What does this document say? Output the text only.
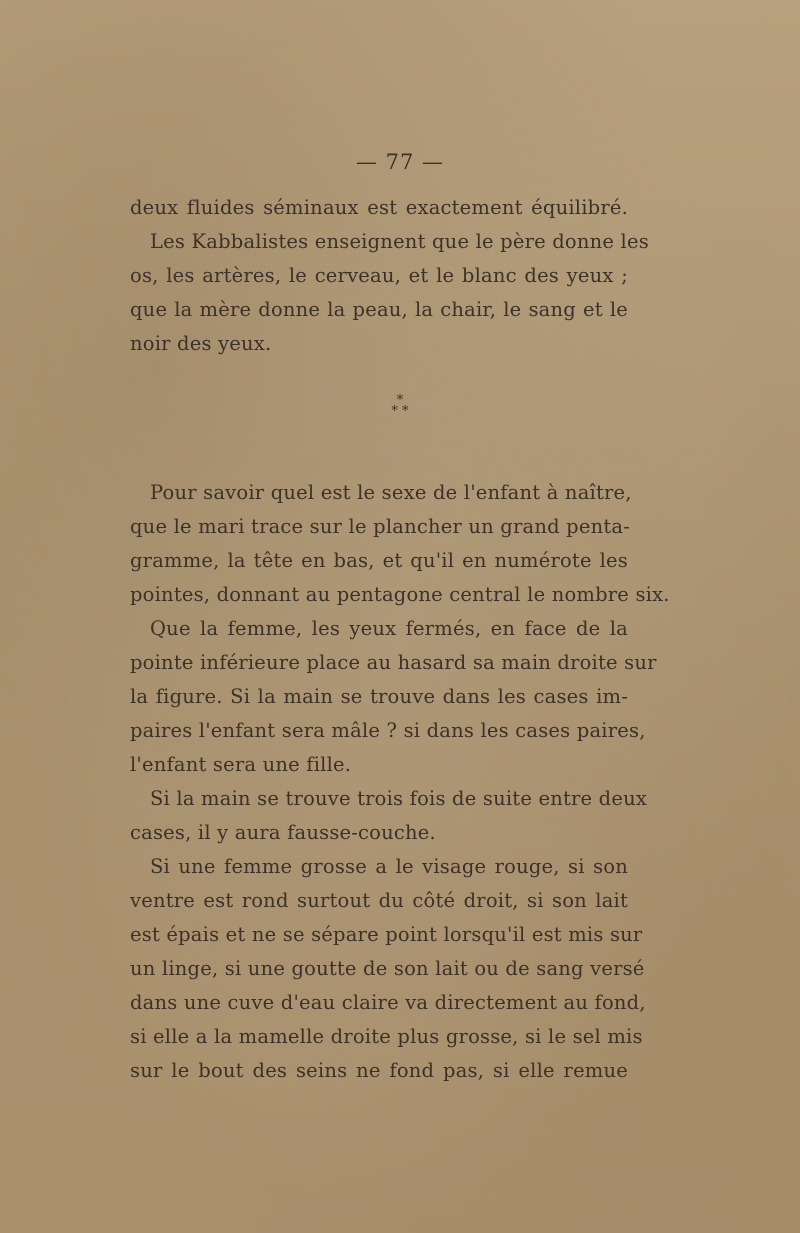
— 77 —
deux fluides séminaux est exactement équilibré.
Les Kabbalistes enseignent que le père donne les
os, les artères, le cerveau, et le blanc des yeux ;
que la mère donne la peau, la chair, le sang et le
noir des yeux.
*
* *
Pour savoir quel est le sexe de l'enfant à naître,
que le mari trace sur le plancher un grand penta-
gramme, la tête en bas, et qu'il en numérote les
pointes, donnant au pentagone central le nombre six.
Que la femme, les yeux fermés, en face de la
pointe inférieure place au hasard sa main droite sur
la figure. Si la main se trouve dans les cases im-
paires l'enfant sera mâle ? si dans les cases paires,
l'enfant sera une fille.
Si la main se trouve trois fois de suite entre deux
cases, il y aura fausse-couche.
Si une femme grosse a le visage rouge, si son
ventre est rond surtout du côté droit, si son lait
est épais et ne se sépare point lorsqu'il est mis sur
un linge, si une goutte de son lait ou de sang versé
dans une cuve d'eau claire va directement au fond,
si elle a la mamelle droite plus grosse, si le sel mis
sur le bout des seins ne fond pas, si elle remue
